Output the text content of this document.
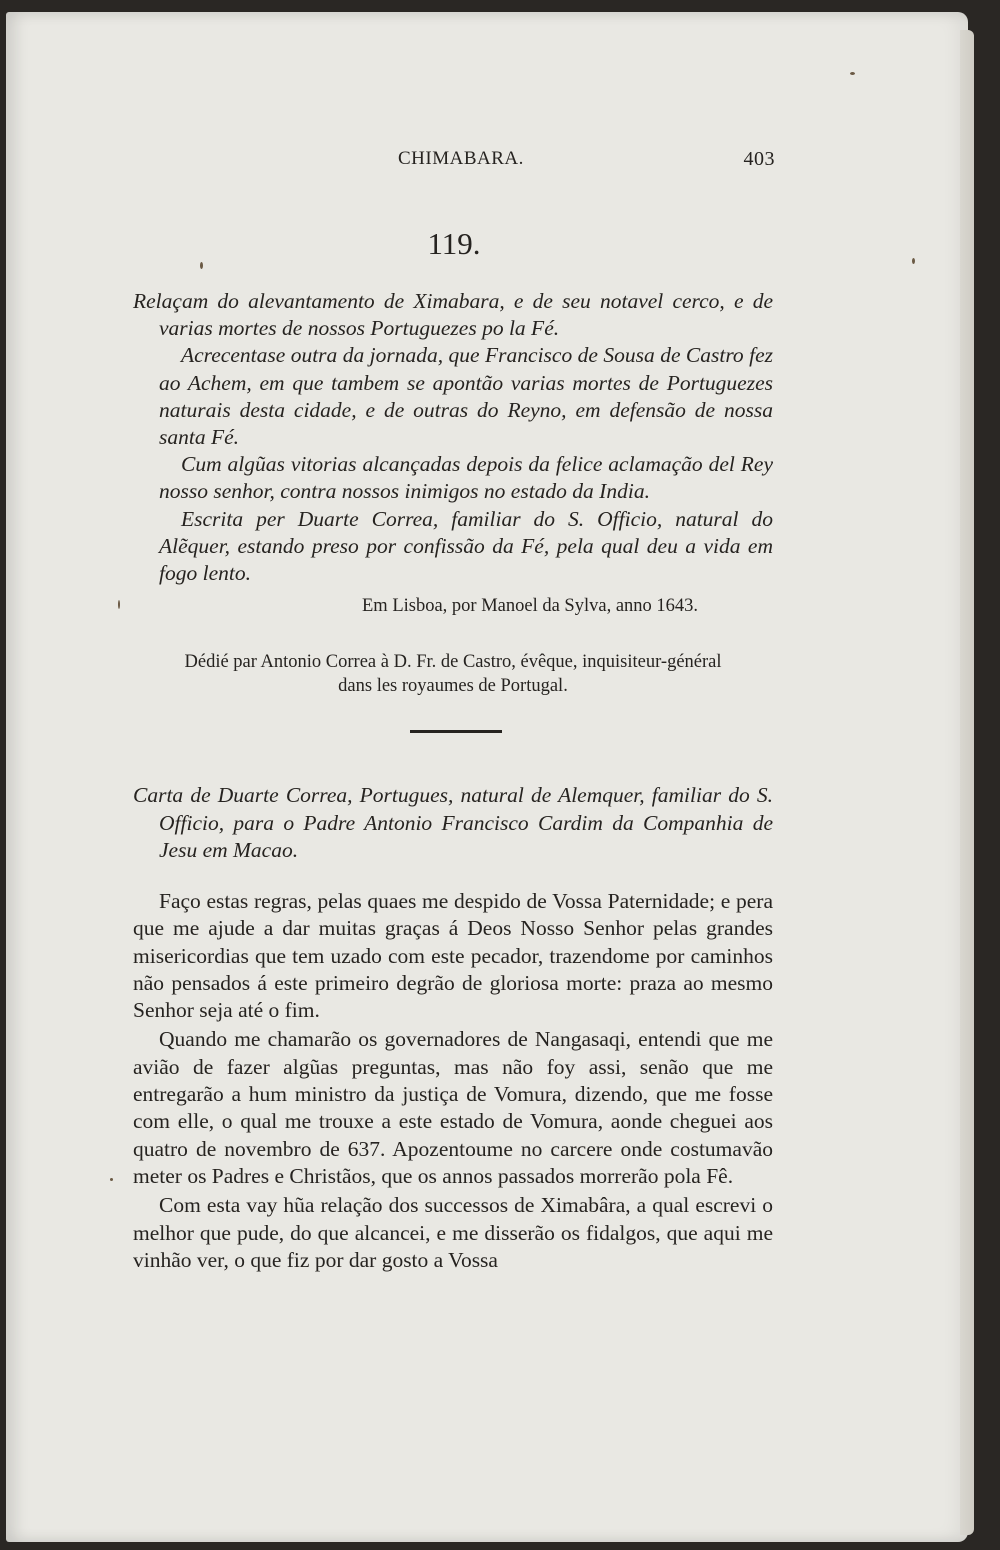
CHIMABARA.	403
119.

Relaçam do alevantamento de Ximabara, e de seu notavel cerco, e de varias mortes de nossos Portuguezes po la Fé.

Acrecentase outra da jornada, que Francisco de Sousa de Castro fez ao Achem, em que tambem se apontão varias mortes de Portuguezes naturais desta cidade, e de outras do Reyno, em defensão de nossa santa Fé.

Cum algũas vitorias alcançadas depois da felice aclamação del Rey nosso senhor, contra nossos inimigos no estado da India.

Escrita per Duarte Correa, familiar do S. Officio, natural do Alẽquer, estando preso por confissão da Fé, pela qual deu a vida em fogo lento.

Em Lisboa, por Manoel da Sylva, anno 1643.
Dédié par Antonio Correa à D. Fr. de Castro, évêque, inquisiteur-général
dans les royaumes de Portugal.

Carta de Duarte Correa, Portugues, natural de Alemquer, familiar do S. Officio, para o Padre Antonio Francisco Cardim da Companhia de Jesu em Macao.

Faço estas regras, pelas quaes me despido de Vossa Paternidade; e pera que me ajude a dar muitas graças á Deos Nosso Senhor pelas grandes misericordias que tem uzado com este pecador, trazendome por caminhos não pensados á este primeiro degrão de gloriosa morte: praza ao mesmo Senhor seja até o fim.

Quando me chamarão os governadores de Nangasaqi, entendi que me avião de fazer algũas preguntas, mas não foy assi, senão que me entregarão a hum ministro da justiça de Vomura, dizendo, que me fosse com elle, o qual me trouxe a este estado de Vomura, aonde cheguei aos quatro de novembro de 637. Apozentoume no carcere onde costumavão meter os Padres e Christãos, que os annos passados morrerão pola Fê.

Com esta vay hũa relação dos successos de Ximabâra, a qual escrevi o melhor que pude, do que alcancei, e me disserão os fidalgos, que aqui me vinhão ver, o que fiz por dar gosto a Vossa
